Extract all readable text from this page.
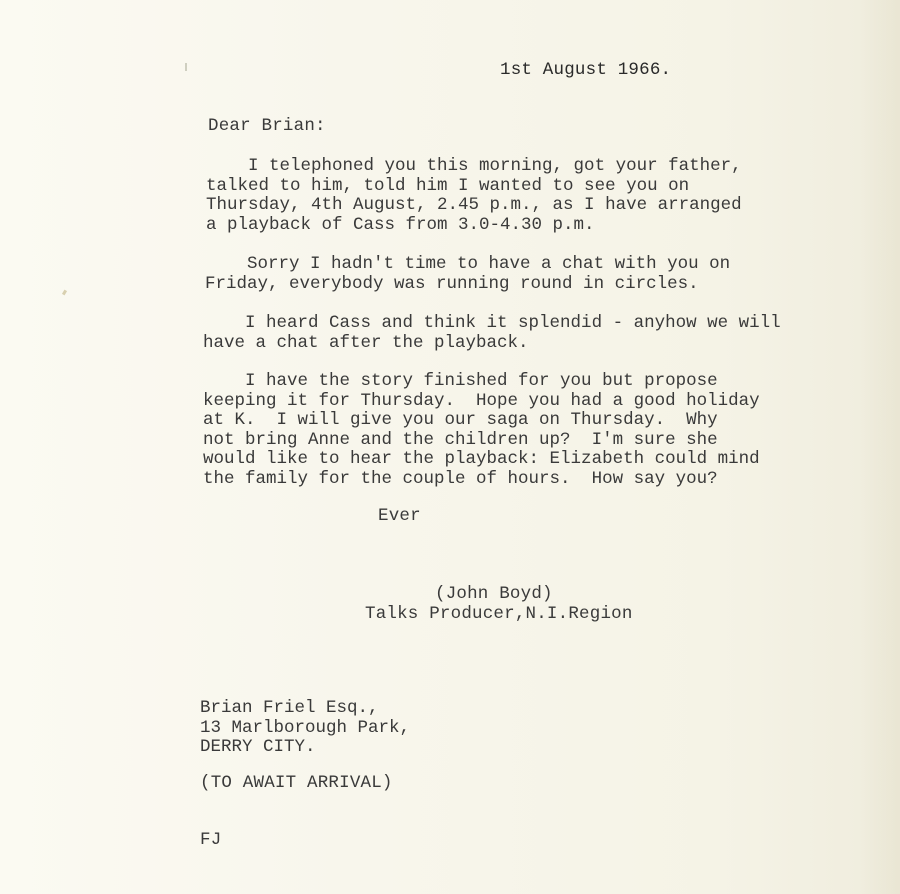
1st August 1966.
Dear Brian:
I telephoned you this morning, got your father,
talked to him, told him I wanted to see you on
Thursday, 4th August, 2.45 p.m., as I have arranged
a playback of Cass from 3.0-4.30 p.m.
Sorry I hadn't time to have a chat with you on
Friday, everybody was running round in circles.
I heard Cass and think it splendid - anyhow we will
have a chat after the playback.
I have the story finished for you but propose
keeping it for Thursday.  Hope you had a good holiday
at K.  I will give you our saga on Thursday.  Why
not bring Anne and the children up?  I'm sure she
would like to hear the playback: Elizabeth could mind
the family for the couple of hours.  How say you?
Ever
(John Boyd)
Talks Producer,N.I.Region
Brian Friel Esq.,
13 Marlborough Park,
DERRY CITY.
(TO AWAIT ARRIVAL)
FJ
